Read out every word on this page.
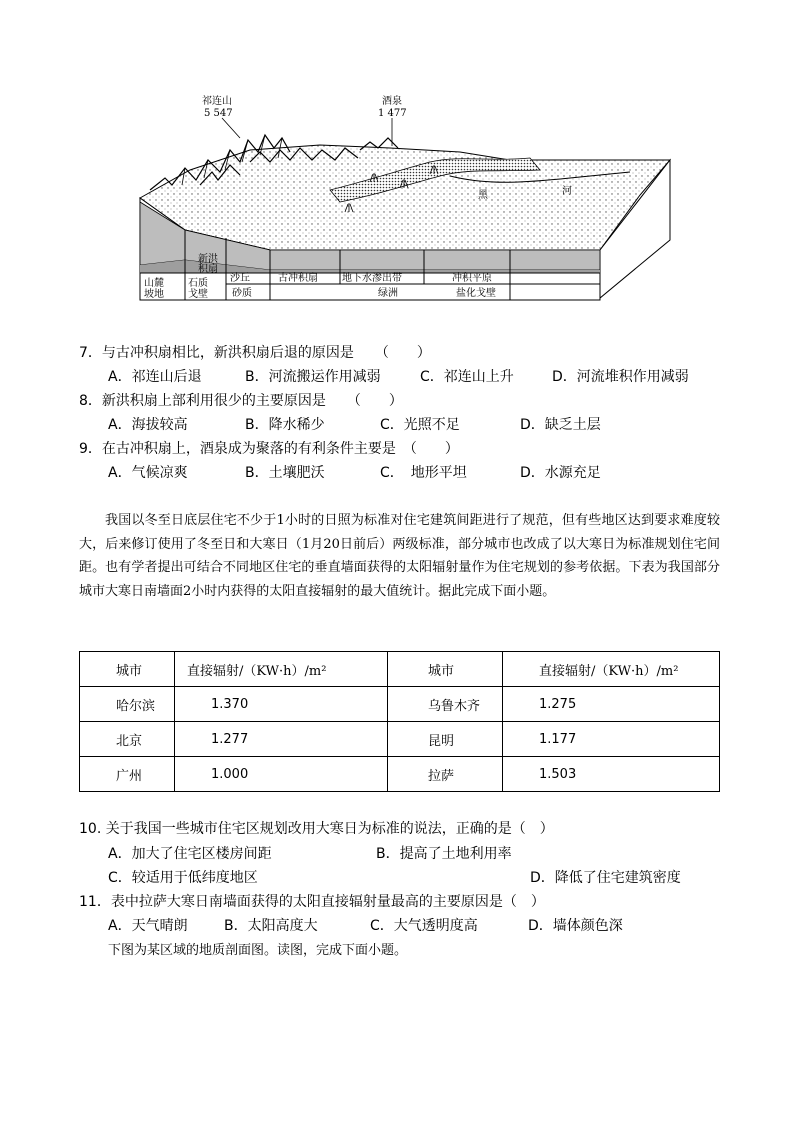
祁连山
5 547
酒泉
1 477
黑	河
新洪
积扇
山麓
坡地
石质
戈壁
沙丘
砂质
古冲积扇 地下水渗出带
绿洲
冲积平原
盐化戈壁
7．与古冲积扇相比，新洪积扇后退的原因是　　（　　）
A．祁连山后退	B．河流搬运作用减弱	C．祁连山上升	D．河流堆积作用减弱
8．新洪积扇上部利用很少的主要原因是　　（　　）
A．海拔较高	B．降水稀少	C．光照不足	D．缺乏土层
9．在古冲积扇上，酒泉成为聚落的有利条件主要是　（　　）
A．气候凉爽	B．土壤肥沃	C．　地形平坦	D．水源充足
我国以冬至日底层住宅不少于1小时的日照为标准对住宅建筑间距进行了规范，但有些地区达到要求难度较大，后来修订使用了冬至日和大寒日（1月20日前后）两级标准，部分城市也改成了以大寒日为标准规划住宅间距。也有学者提出可结合不同地区住宅的垂直墙面获得的太阳辐射量作为住宅规划的参考依据。下表为我国部分城市大寒日南墙面2小时内获得的太阳直接辐射的最大值统计。据此完成下面小题。
城市	直接辐射/（KW·h）/m²	城市	直接辐射/（KW·h）/m²
哈尔滨	1.370	乌鲁木齐	1.275
北京	1.277	昆明	1.177
广州	1.000	拉萨	1.503
10. 关于我国一些城市住宅区规划改用大寒日为标准的说法，正确的是（　）
A．加大了住宅区楼房间距	B．提高了土地利用率
C．较适用于低纬度地区	D．降低了住宅建筑密度
11．表中拉萨大寒日南墙面获得的太阳直接辐射量最高的主要原因是（　）
A．天气晴朗	B．太阳高度大	C．大气透明度高	D．墙体颜色深
下图为某区域的地质剖面图。读图，完成下面小题。
